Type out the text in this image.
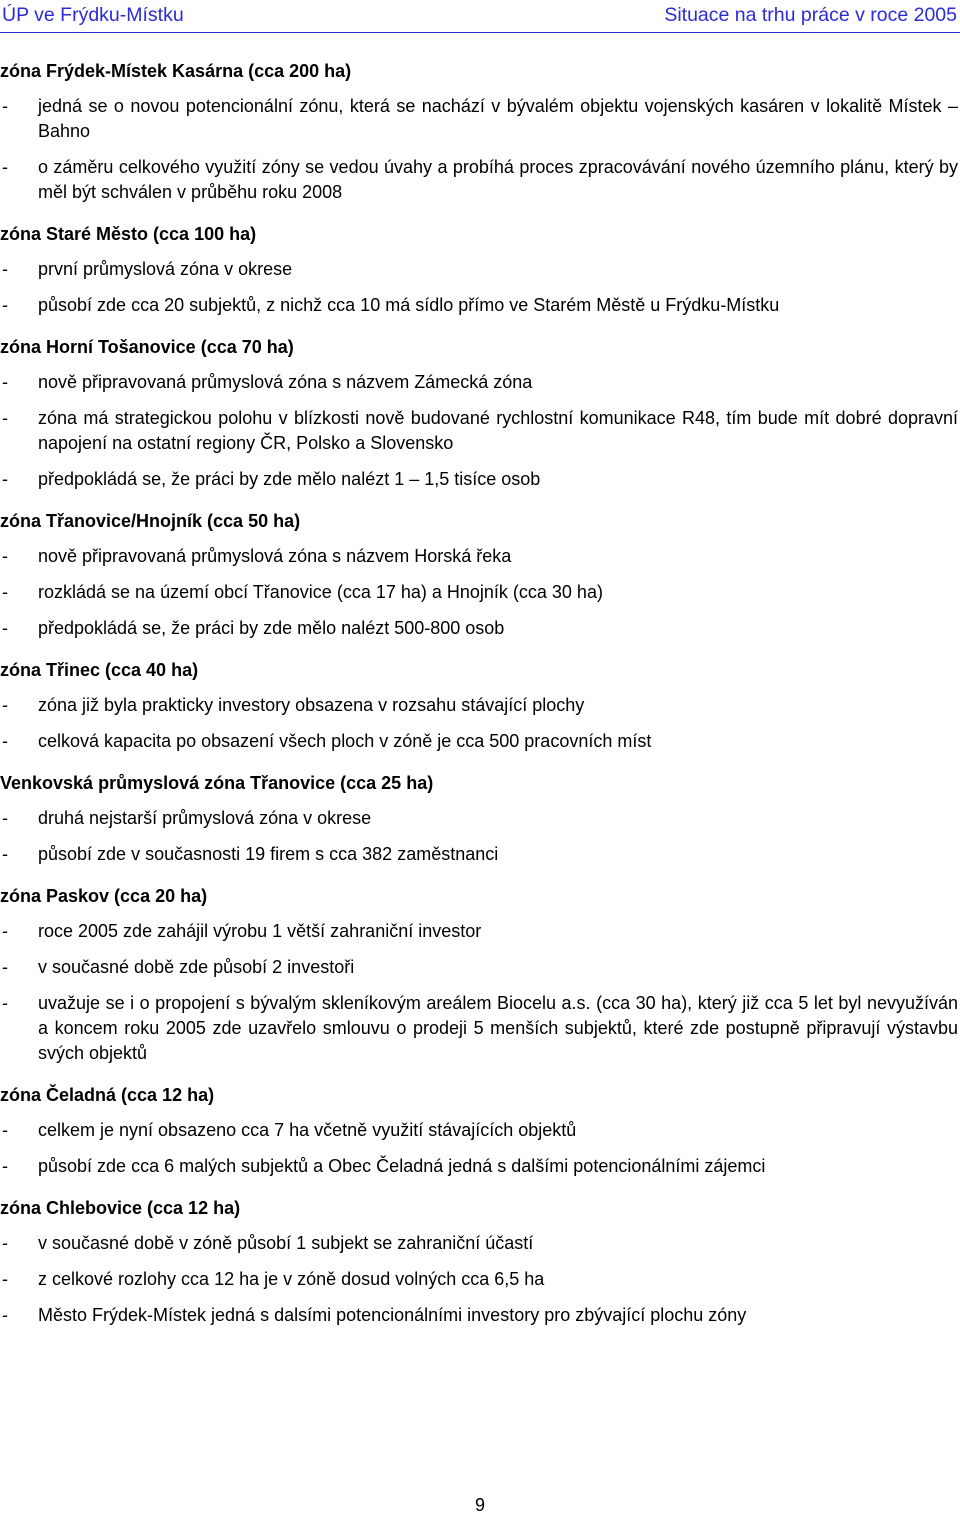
ÚP ve Frýdku-Místku	Situace na trhu práce v roce 2005
zóna Frýdek-Místek Kasárna (cca 200 ha)
- jedná se o novou potencionální zónu, která se nachází v bývalém objektu vojenských kasáren v lokalitě Místek – Bahno
- o záměru celkového využití zóny se vedou úvahy a probíhá proces zpracovávání nového územního plánu, který by měl být schválen v průběhu roku 2008
zóna Staré Město (cca 100 ha)
- první průmyslová zóna v okrese
- působí zde cca 20 subjektů, z nichž cca 10 má sídlo přímo ve Starém Městě u Frýdku-Místku
zóna Horní Tošanovice (cca 70 ha)
- nově připravovaná průmyslová zóna s názvem Zámecká zóna
- zóna má strategickou polohu v blízkosti nově budované rychlostní komunikace R48, tím bude mít dobré dopravní napojení na ostatní regiony ČR, Polsko a Slovensko
- předpokládá se, že práci by zde mělo nalézt 1 – 1,5 tisíce osob
zóna Třanovice/Hnojník (cca 50 ha)
- nově připravovaná průmyslová zóna s názvem Horská řeka
- rozkládá se na území obcí Třanovice (cca 17 ha) a Hnojník (cca 30 ha)
- předpokládá se, že práci by zde mělo nalézt 500-800 osob
zóna Třinec (cca 40 ha)
- zóna již byla prakticky investory obsazena v rozsahu stávající plochy
- celková kapacita po obsazení všech ploch v zóně je cca 500 pracovních míst
Venkovská průmyslová zóna Třanovice (cca 25 ha)
- druhá nejstarší průmyslová zóna v okrese
- působí zde v současnosti 19 firem s cca 382 zaměstnanci
zóna Paskov (cca 20 ha)
- roce 2005 zde zahájil výrobu 1 větší zahraniční investor
- v současné době zde působí 2 investoři
- uvažuje se i o propojení s bývalým skleníkovým areálem Biocelu a.s. (cca 30 ha), který již cca 5 let byl nevyužíván a koncem roku 2005 zde uzavřelo smlouvu o prodeji 5 menších subjektů, které zde postupně připravují výstavbu svých objektů
zóna Čeladná (cca 12 ha)
- celkem je nyní obsazeno cca 7 ha včetně využití stávajících objektů
- působí zde cca 6 malých subjektů a Obec Čeladná jedná s dalšími potencionálními zájemci
zóna Chlebovice (cca 12 ha)
- v současné době v zóně působí 1 subjekt se zahraniční účastí
- z celkové rozlohy cca 12 ha je v zóně dosud volných cca 6,5 ha
- Město Frýdek-Místek jedná s dalsími potencionálními investory pro zbývající plochu zóny
9
